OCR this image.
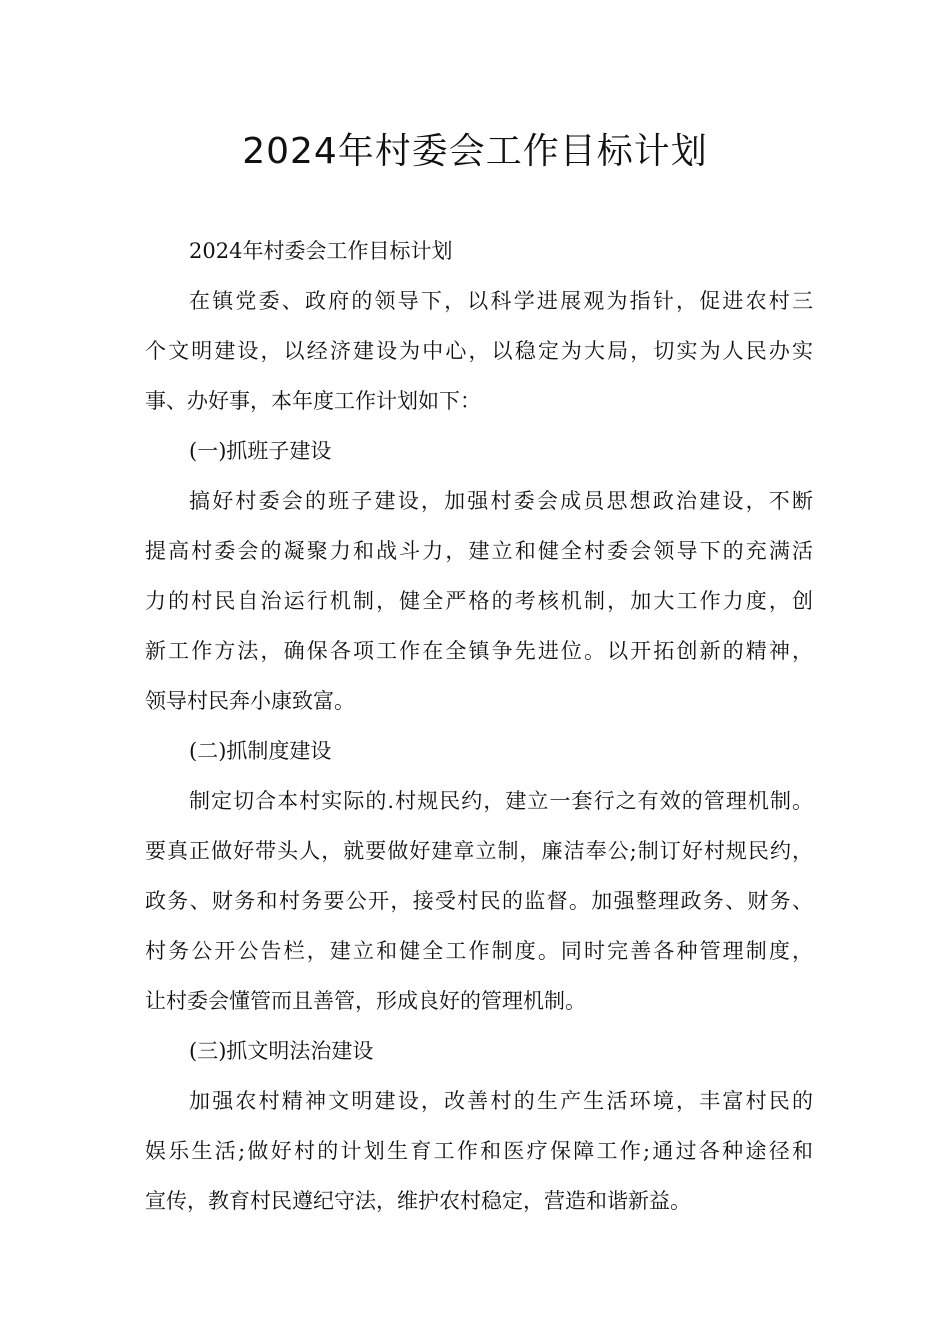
2024年村委会工作目标计划
2024年村委会工作目标计划
在镇党委、政府的领导下，以科学进展观为指针，促进农村三
个文明建设，以经济建设为中心，以稳定为大局，切实为人民办实
事、办好事，本年度工作计划如下：
(一)抓班子建设
搞好村委会的班子建设，加强村委会成员思想政治建设，不断
提高村委会的凝聚力和战斗力，建立和健全村委会领导下的充满活
力的村民自治运行机制，健全严格的考核机制，加大工作力度，创
新工作方法，确保各项工作在全镇争先进位。以开拓创新的精神，
领导村民奔小康致富。
(二)抓制度建设
制定切合本村实际的.村规民约，建立一套行之有效的管理机制。
要真正做好带头人，就要做好建章立制，廉洁奉公;制订好村规民约，
政务、财务和村务要公开，接受村民的监督。加强整理政务、财务、
村务公开公告栏，建立和健全工作制度。同时完善各种管理制度，
让村委会懂管而且善管，形成良好的管理机制。
(三)抓文明法治建设
加强农村精神文明建设，改善村的生产生活环境，丰富村民的
娱乐生活;做好村的计划生育工作和医疗保障工作;通过各种途径和
宣传，教育村民遵纪守法，维护农村稳定，营造和谐新益。
